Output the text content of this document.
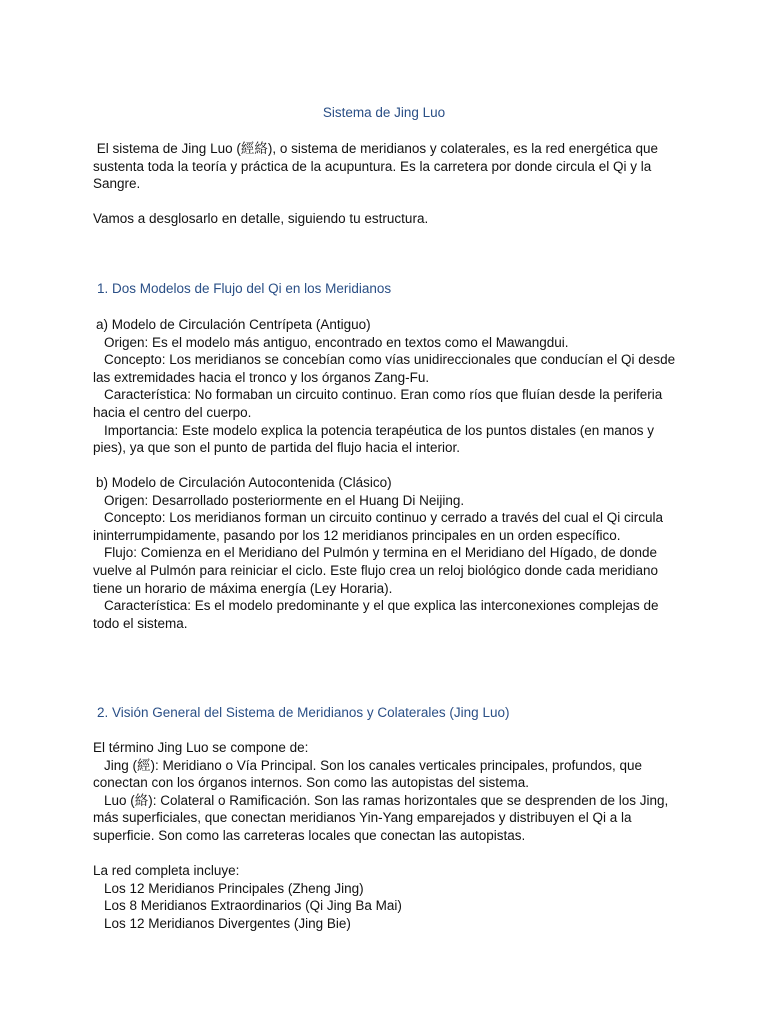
Sistema de Jing Luo

El sistema de Jing Luo (經絡), o sistema de meridianos y colaterales, es la red energética que sustenta toda la teoría y práctica de la acupuntura. Es la carretera por donde circula el Qi y la Sangre.

Vamos a desglosarlo en detalle, siguiendo tu estructura.

1. Dos Modelos de Flujo del Qi en los Meridianos

a) Modelo de Circulación Centrípeta (Antiguo)

Origen: Es el modelo más antiguo, encontrado en textos como el Mawangdui.

Concepto: Los meridianos se concebían como vías unidireccionales que conducían el Qi desde las extremidades hacia el tronco y los órganos Zang-Fu.

Característica: No formaban un circuito continuo. Eran como ríos que fluían desde la periferia hacia el centro del cuerpo.

Importancia: Este modelo explica la potencia terapéutica de los puntos distales (en manos y pies), ya que son el punto de partida del flujo hacia el interior.

b) Modelo de Circulación Autocontenida (Clásico)

Origen: Desarrollado posteriormente en el Huang Di Neijing.

Concepto: Los meridianos forman un circuito continuo y cerrado a través del cual el Qi circula ininterrumpidamente, pasando por los 12 meridianos principales en un orden específico.

Flujo: Comienza en el Meridiano del Pulmón y termina en el Meridiano del Hígado, de donde vuelve al Pulmón para reiniciar el ciclo. Este flujo crea un reloj biológico donde cada meridiano tiene un horario de máxima energía (Ley Horaria).

Característica: Es el modelo predominante y el que explica las interconexiones complejas de todo el sistema.

2. Visión General del Sistema de Meridianos y Colaterales (Jing Luo)

El término Jing Luo se compone de:

Jing (經): Meridiano o Vía Principal. Son los canales verticales principales, profundos, que conectan con los órganos internos. Son como las autopistas del sistema.

Luo (絡): Colateral o Ramificación. Son las ramas horizontales que se desprenden de los Jing, más superficiales, que conectan meridianos Yin-Yang emparejados y distribuyen el Qi a la superficie. Son como las carreteras locales que conectan las autopistas.

La red completa incluye:

Los 12 Meridianos Principales (Zheng Jing)

Los 8 Meridianos Extraordinarios (Qi Jing Ba Mai)

Los 12 Meridianos Divergentes (Jing Bie)
